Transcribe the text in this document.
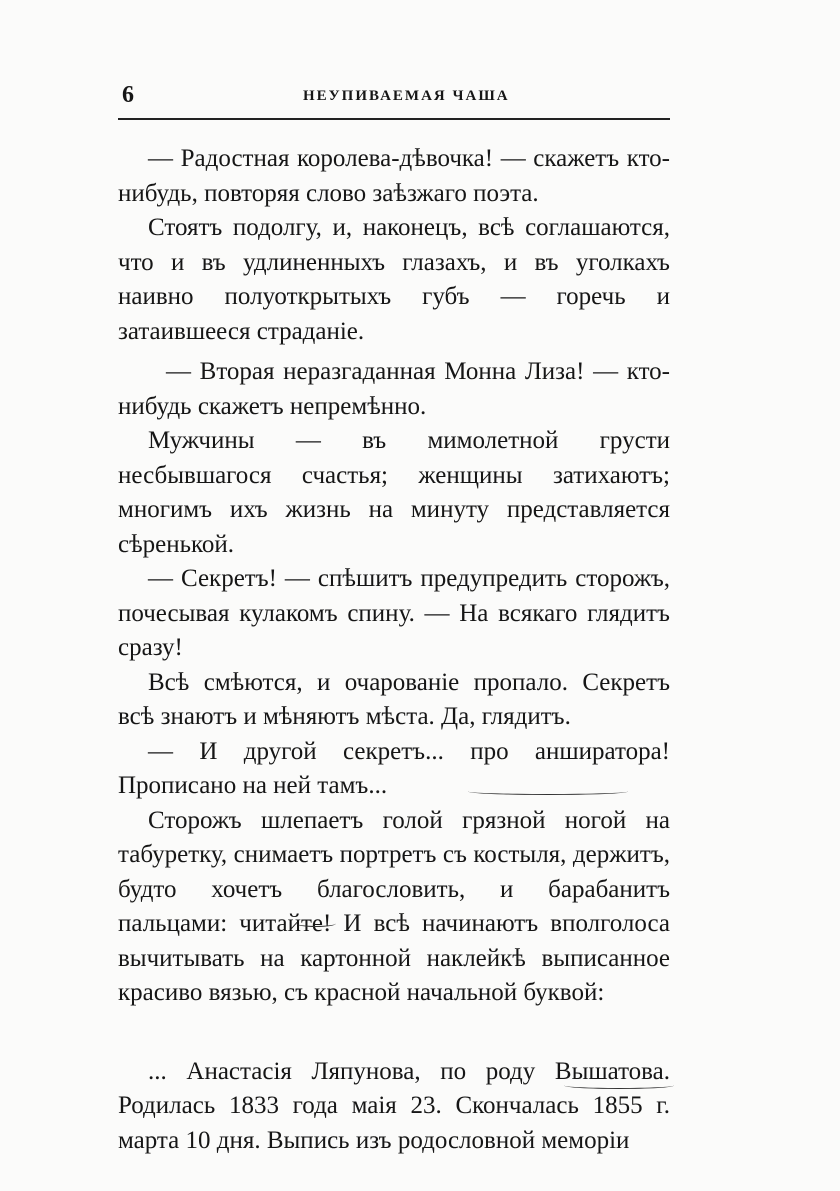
6	НЕУПИВАЕМАЯ ЧАША

— Радостная королева-дѣвочка! — скажетъ кто-нибудь, повторяя слово заѣзжаго поэта.

Стоятъ подолгу, и, наконецъ, всѣ соглашаются, что и въ удлиненныхъ глазахъ, и въ уголкахъ наивно полуоткрытыхъ губъ — горечь и затаившееся страданіе.

— Вторая неразгаданная Монна Лиза! — кто-нибудь скажетъ непремѣнно.

Мужчины — въ мимолетной грусти несбывшагося счастья; женщины затихаютъ; многимъ ихъ жизнь на минуту представляется сѣренькой.

— Секретъ! — спѣшитъ предупредить сторожъ, почесывая кулакомъ спину. — На всякаго глядитъ сразу!

Всѣ смѣются, и очарованіе пропало. Секретъ всѣ знаютъ и мѣняютъ мѣста. Да, глядитъ.

— И другой секретъ... про анширатора! Прописано на ней тамъ...

Сторожъ шлепаетъ голой грязной ногой на табуретку, снимаетъ портретъ съ костыля, держитъ, будто хочетъ благословить, и барабанитъ пальцами: читайте! И всѣ начинаютъ вполголоса вычитывать на картонной наклейкѣ выписанное красиво вязью, съ красной начальной буквой:

... Анастасія Ляпунова, по роду Вышатова. Родилась 1833 года маія 23. Скончалась 1855 г. марта 10 дня. Выпись изъ родословной меморіи
